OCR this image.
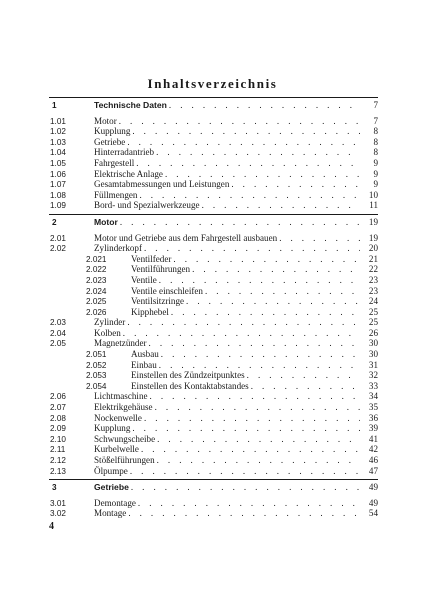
Inhaltsverzeichnis
1	Technische Daten . . .	7
1.01	Motor . . .	7
1.02	Kupplung . . .	8
1.03	Getriebe . . .	8
1.04	Hinterradantrieb . . .	8
1.05	Fahrgestell . . .	9
1.06	Elektrische Anlage . . .	9
1.07	Gesamtabmessungen und Leistungen . . .	9
1.08	Füllmengen . . .	10
1.09	Bord- und Spezialwerkzeuge . . .	11
2	Motor . . .	19
2.01	Motor und Getriebe aus dem Fahrgestell ausbauen . . .	19
2.02	Zylinderkopf . . .	20
2.021	Ventilfeder . . .	21
2.022	Ventilführungen . . .	22
2.023	Ventile . . .	23
2.024	Ventile einschleifen . . .	23
2.025	Ventilsitzringe . . .	24
2.026	Kipphebel . . .	25
2.03	Zylinder . . .	25
2.04	Kolben . . .	26
2.05	Magnetzünder . . .	30
2.051	Ausbau . . .	30
2.052	Einbau . . .	31
2.053	Einstellen des Zündzeitpunktes . . .	32
2.054	Einstellen des Kontaktabstandes . . .	33
2.06	Lichtmaschine . . .	34
2.07	Elektrikgehäuse . . .	35
2.08	Nockenwelle . . .	36
2.09	Kupplung . . .	39
2.10	Schwungscheibe . . .	41
2.11	Kurbelwelle . . .	42
2.12	Stößelführungen . . .	46
2.13	Ölpumpe . . .	47
3	Getriebe . . .	49
3.01	Demontage . . .	49
3.02	Montage . . .	54
4
